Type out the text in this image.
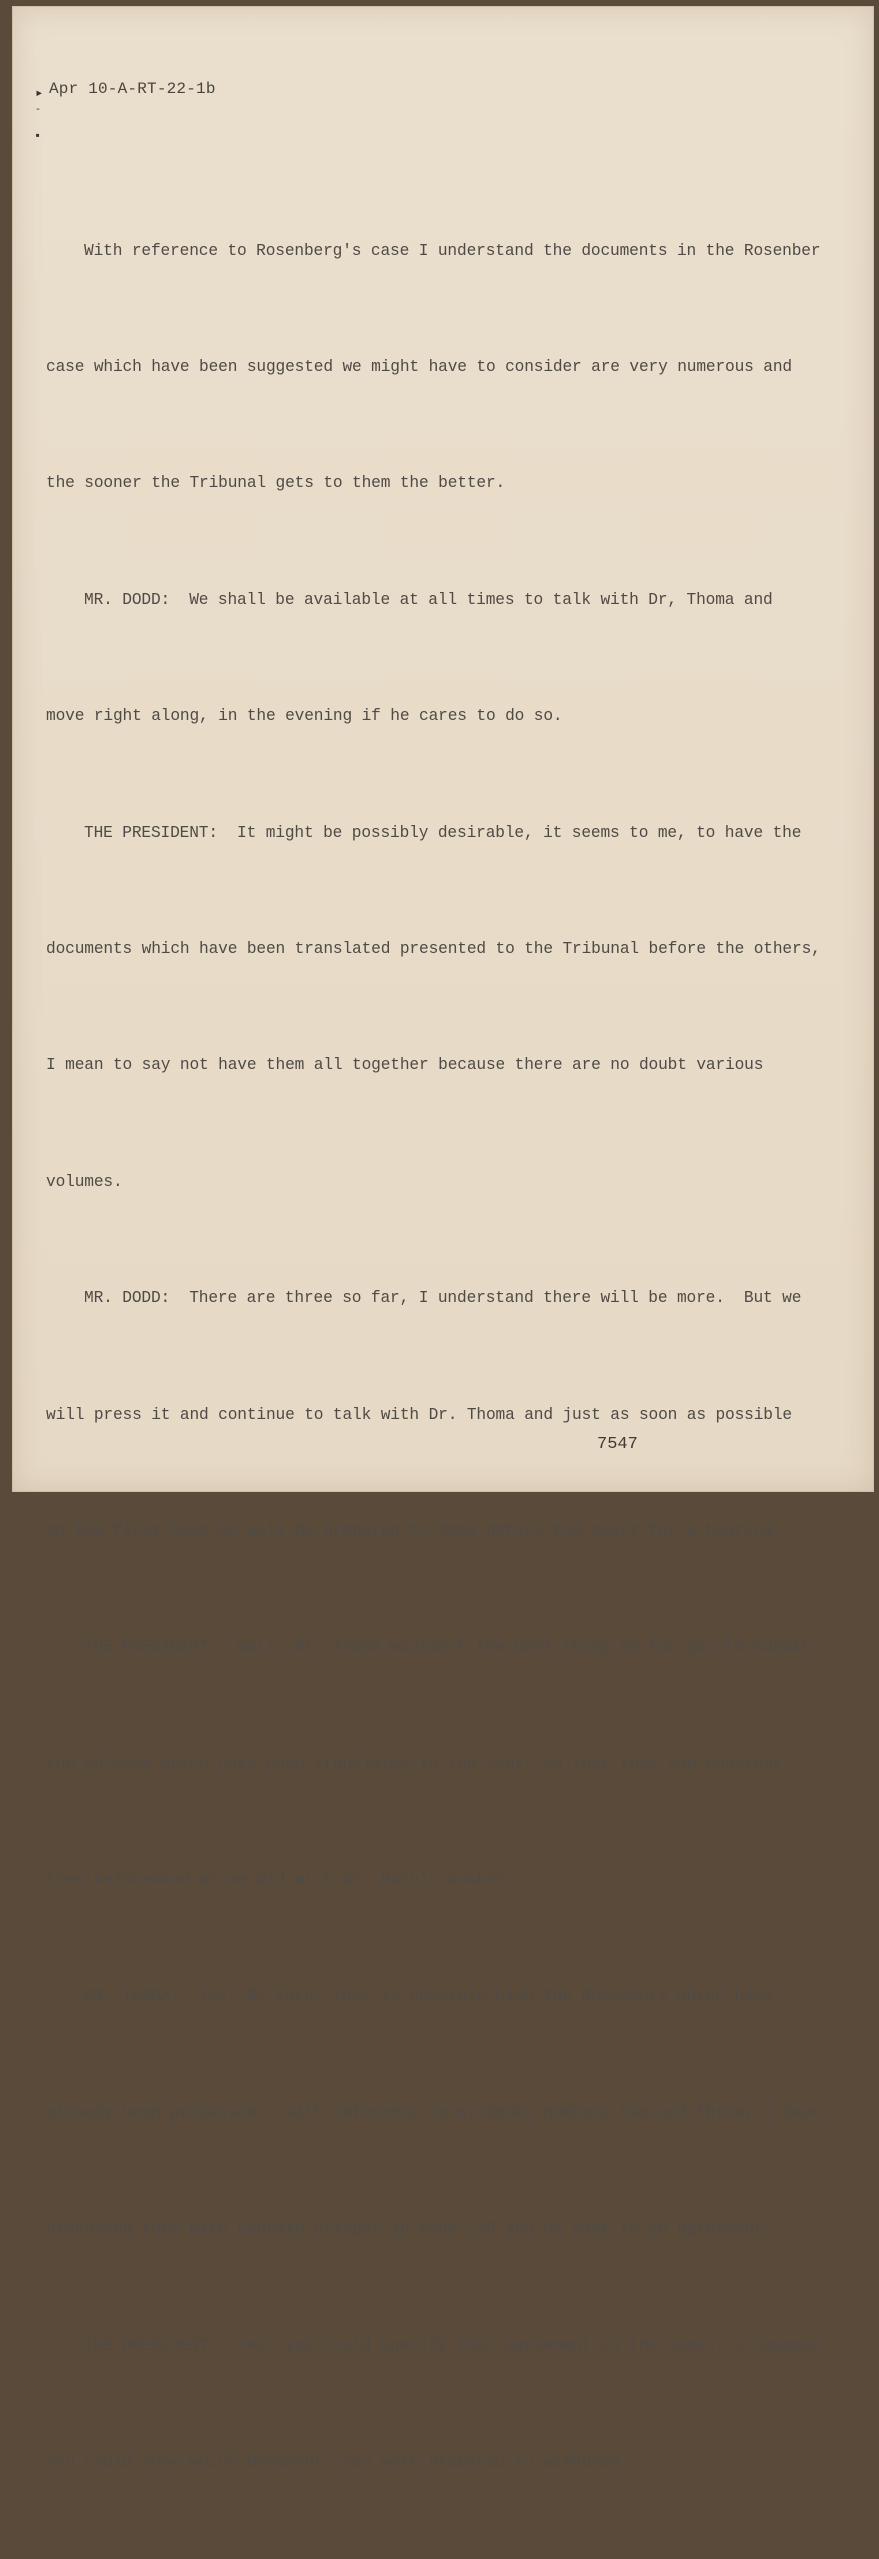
▸
-
▪
Apr 10-A-RT-22-1b

With reference to Rosenberg's case I understand the documents in the Rosenber

case which have been suggested we might have to consider are very numerous and

the sooner the Tribunal gets to them the better.

MR. DODD:  We shall be available at all times to talk with Dr, Thoma and

move right along, in the evening if he cares to do so.

THE PRESIDENT:  It might be possibly desirable, it seems to me, to have the

documents which have been translated presented to the Tribunal before the others,

I mean to say not have them all together because there are no doubt various

volumes.

MR. DODD:  There are three so far, I understand there will be more.  But we

will press it and continue to talk with Dr. Thoma and just as soon as possible

on the first book we will be prepared to come before the Court for a hearing.

THE PRESIDENT:  Well, Dr. Thoma wouldn't the best thing be for you to submit

the volumes which have been translated to the court so that they can consider

them beforehand as we did with Dr. Horn's Books?

DR. THOMA:  Yes, My Lord, that is possible with the documents which have

already been processed.  With reference to my books numbers two and three, I have

discussed them with Captain Krieger in room 216 and we came to an agreement.

THE PRESIDENT:  Yes, you could specify that agreement in the books. I suppose

You could show which documents you were prepared to withdraw.

7547
